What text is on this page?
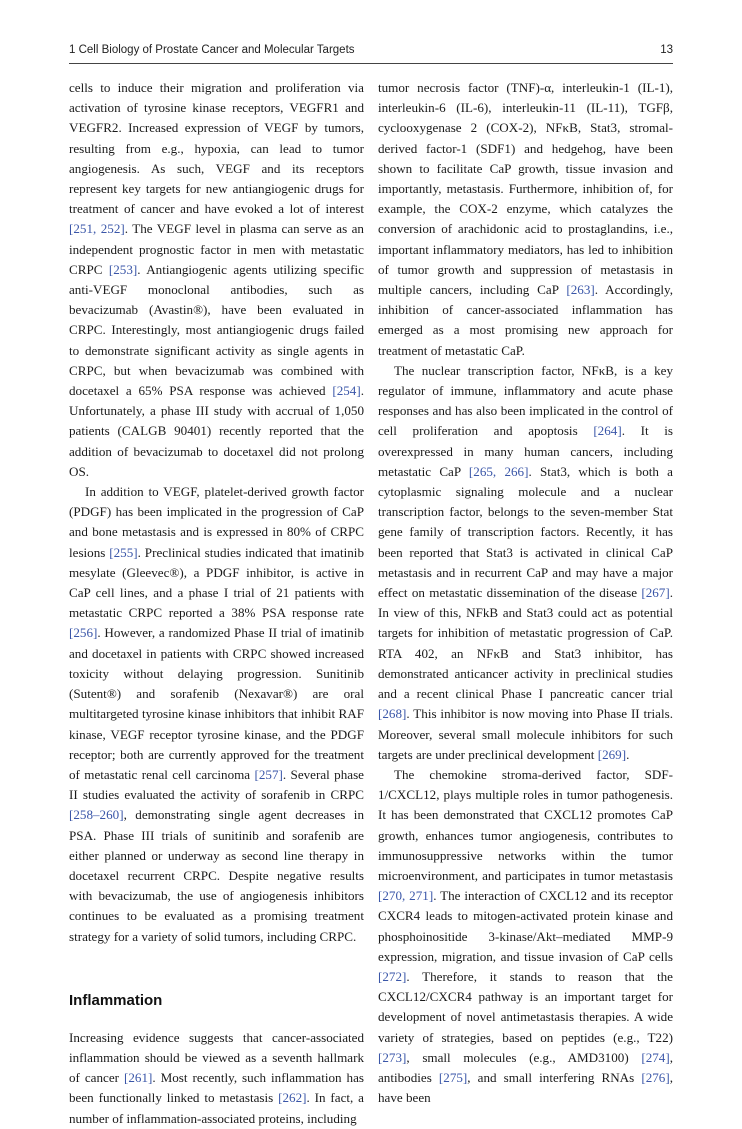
1 Cell Biology of Prostate Cancer and Molecular Targets	13

cells to induce their migration and proliferation via activation of tyrosine kinase receptors, VEGFR1 and VEGFR2. Increased expression of VEGF by tumors, resulting from e.g., hypoxia, can lead to tumor angiogenesis. As such, VEGF and its receptors represent key targets for new antiangiogenic drugs for treatment of cancer and have evoked a lot of interest [251, 252]. The VEGF level in plasma can serve as an independent prognostic factor in men with metastatic CRPC [253]. Antiangiogenic agents utilizing specific anti-VEGF monoclonal antibodies, such as bevacizumab (Avastin®), have been evaluated in CRPC. Interestingly, most antiangiogenic drugs failed to demonstrate significant activity as single agents in CRPC, but when bevacizumab was combined with docetaxel a 65% PSA response was achieved [254]. Unfortunately, a phase III study with accrual of 1,050 patients (CALGB 90401) recently reported that the addition of bevacizumab to docetaxel did not prolong OS.

In addition to VEGF, platelet-derived growth factor (PDGF) has been implicated in the progression of CaP and bone metastasis and is expressed in 80% of CRPC lesions [255]. Preclinical studies indicated that imatinib mesylate (Gleevec®), a PDGF inhibitor, is active in CaP cell lines, and a phase I trial of 21 patients with metastatic CRPC reported a 38% PSA response rate [256]. However, a randomized Phase II trial of imatinib and docetaxel in patients with CRPC showed increased toxicity without delaying progression. Sunitinib (Sutent®) and sorafenib (Nexavar®) are oral multitargeted tyrosine kinase inhibitors that inhibit RAF kinase, VEGF receptor tyrosine kinase, and the PDGF receptor; both are currently approved for the treatment of metastatic renal cell carcinoma [257]. Several phase II studies evaluated the activity of sorafenib in CRPC [258–260], demonstrating single agent decreases in PSA. Phase III trials of sunitinib and sorafenib are either planned or underway as second line therapy in docetaxel recurrent CRPC. Despite negative results with bevacizumab, the use of angiogenesis inhibitors continues to be evaluated as a promising treatment strategy for a variety of solid tumors, including CRPC.

Inflammation

Increasing evidence suggests that cancer-associated inflammation should be viewed as a seventh hallmark of cancer [261]. Most recently, such inflammation has been functionally linked to metastasis [262]. In fact, a number of inflammation-associated proteins, including

tumor necrosis factor (TNF)-α, interleukin-1 (IL-1), interleukin-6 (IL-6), interleukin-11 (IL-11), TGFβ, cyclooxygenase 2 (COX-2), NFκB, Stat3, stromal-derived factor-1 (SDF1) and hedgehog, have been shown to facilitate CaP growth, tissue invasion and importantly, metastasis. Furthermore, inhibition of, for example, the COX-2 enzyme, which catalyzes the conversion of arachidonic acid to prostaglandins, i.e., important inflammatory mediators, has led to inhibition of tumor growth and suppression of metastasis in multiple cancers, including CaP [263]. Accordingly, inhibition of cancer-associated inflammation has emerged as a most promising new approach for treatment of metastatic CaP.

The nuclear transcription factor, NFκB, is a key regulator of immune, inflammatory and acute phase responses and has also been implicated in the control of cell proliferation and apoptosis [264]. It is overexpressed in many human cancers, including metastatic CaP [265, 266]. Stat3, which is both a cytoplasmic signaling molecule and a nuclear transcription factor, belongs to the seven-member Stat gene family of transcription factors. Recently, it has been reported that Stat3 is activated in clinical CaP metastasis and in recurrent CaP and may have a major effect on metastatic dissemination of the disease [267]. In view of this, NFkB and Stat3 could act as potential targets for inhibition of metastatic progression of CaP. RTA 402, an NFκB and Stat3 inhibitor, has demonstrated anticancer activity in preclinical studies and a recent clinical Phase I pancreatic cancer trial [268]. This inhibitor is now moving into Phase II trials. Moreover, several small molecule inhibitors for such targets are under preclinical development [269].

The chemokine stroma-derived factor, SDF-1/CXCL12, plays multiple roles in tumor pathogenesis. It has been demonstrated that CXCL12 promotes CaP growth, enhances tumor angiogenesis, contributes to immunosuppressive networks within the tumor microenvironment, and participates in tumor metastasis [270, 271]. The interaction of CXCL12 and its receptor CXCR4 leads to mitogen-activated protein kinase and phosphoinositide 3-kinase/Akt–mediated MMP-9 expression, migration, and tissue invasion of CaP cells [272]. Therefore, it stands to reason that the CXCL12/CXCR4 pathway is an important target for development of novel antimetastasis therapies. A wide variety of strategies, based on peptides (e.g., T22) [273], small molecules (e.g., AMD3100) [274], antibodies [275], and small interfering RNAs [276], have been
